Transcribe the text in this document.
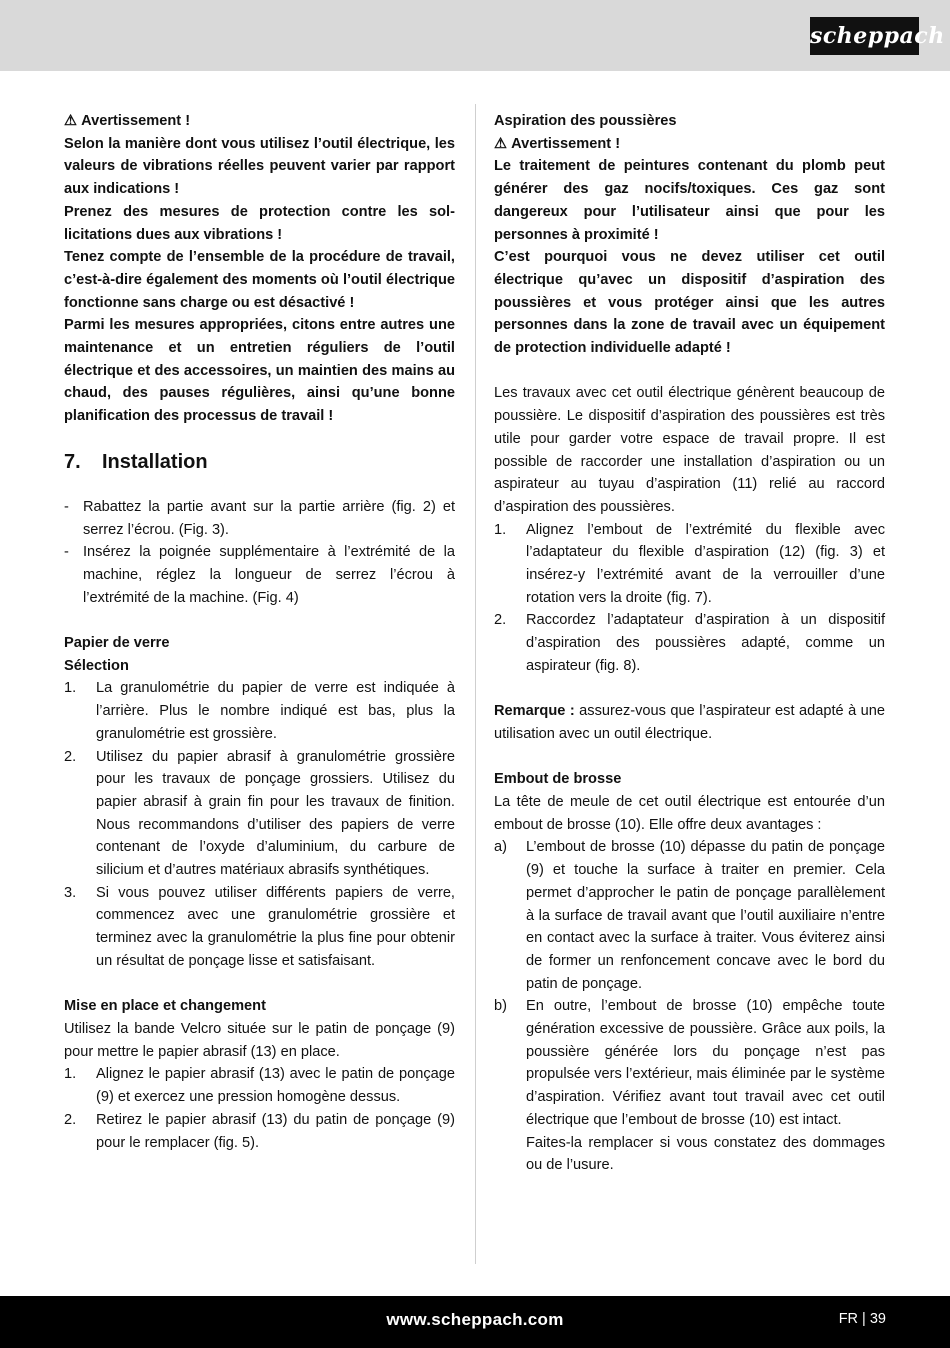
scheppach

⚠ Avertissement !

Selon la manière dont vous utilisez l’outil électrique, les valeurs de vibrations réelles peuvent varier par rapport aux indications !

Prenez des mesures de protection contre les sollicitations dues aux vibrations !

Tenez compte de l’ensemble de la procédure de travail, c’est-à-dire également des moments où l’outil électrique fonctionne sans charge ou est désactivé !

Parmi les mesures appropriées, citons entre autres une maintenance et un entretien réguliers de l’outil électrique et des accessoires, un maintien des mains au chaud, des pauses régulières, ainsi qu’une bonne planification des processus de travail !

7.	Installation
- Rabattez la partie avant sur la partie arrière (fig. 2) et serrez l’écrou. (Fig. 3).
- Insérez la poignée supplémentaire à l’extrémité de la machine, réglez la longueur de serrez l’écrou à l’extrémité de la machine. (Fig. 4)

Papier de verre

Sélection

1.	La granulométrie du papier de verre est indiquée à l’arrière. Plus le nombre indiqué est bas, plus la granulométrie est grossière.
2.	Utilisez du papier abrasif à granulométrie grossière pour les travaux de ponçage grossiers. Utilisez du papier abrasif à grain fin pour les travaux de finition. Nous recommandons d’utiliser des papiers de verre contenant de l’oxyde d’aluminium, du carbure de silicium et d’autres matériaux abrasifs synthétiques.
3.	Si vous pouvez utiliser différents papiers de verre, commencez avec une granulométrie grossière et terminez avec la granulométrie la plus fine pour obtenir un résultat de ponçage lisse et satisfaisant.

Mise en place et changement

Utilisez la bande Velcro située sur le patin de ponçage (9) pour mettre le papier abrasif (13) en place.

1.	Alignez le papier abrasif (13) avec le patin de ponçage (9) et exercez une pression homogène dessus.
2.	Retirez le papier abrasif (13) du patin de ponçage (9) pour le remplacer (fig. 5).

Aspiration des poussières

⚠ Avertissement !

Le traitement de peintures contenant du plomb peut générer des gaz nocifs/toxiques. Ces gaz sont dangereux pour l’utilisateur ainsi que pour les personnes à proximité !

C’est pourquoi vous ne devez utiliser cet outil électrique qu’avec un dispositif d’aspiration des poussières et vous protéger ainsi que les autres personnes dans la zone de travail avec un équipement de protection individuelle adapté !

Les travaux avec cet outil électrique génèrent beaucoup de poussière. Le dispositif d’aspiration des poussières est très utile pour garder votre espace de travail propre. Il est possible de raccorder une installation d’aspiration ou un aspirateur au tuyau d’aspiration (11) relié au raccord d’aspiration des poussières.

1.	Alignez l’embout de l’extrémité du flexible avec l’adaptateur du flexible d’aspiration (12) (fig. 3) et insérez-y l’extrémité avant de la verrouiller d’une rotation vers la droite (fig. 7).
2.	Raccordez l’adaptateur d’aspiration à un dispositif d’aspiration des poussières adapté, comme un aspirateur (fig. 8).

Remarque : assurez-vous que l’aspirateur est adapté à une utilisation avec un outil électrique.

Embout de brosse

La tête de meule de cet outil électrique est entourée d’un embout de brosse (10). Elle offre deux avantages :

a)	L’embout de brosse (10) dépasse du patin de ponçage (9) et touche la surface à traiter en premier. Cela permet d’approcher le patin de ponçage parallèlement à la surface de travail avant que l’outil auxiliaire n’entre en contact avec la surface à traiter. Vous éviterez ainsi de former un renfoncement concave avec le bord du patin de ponçage.
b)	En outre, l’embout de brosse (10) empêche toute génération excessive de poussière. Grâce aux poils, la poussière générée lors du ponçage n’est pas propulsée vers l’extérieur, mais éliminée par le système d’aspiration. Vérifiez avant tout travail avec cet outil électrique que l’embout de brosse (10) est intact.

Faites-la remplacer si vous constatez des dommages ou de l’usure.

www.scheppach.com	FR | 39
